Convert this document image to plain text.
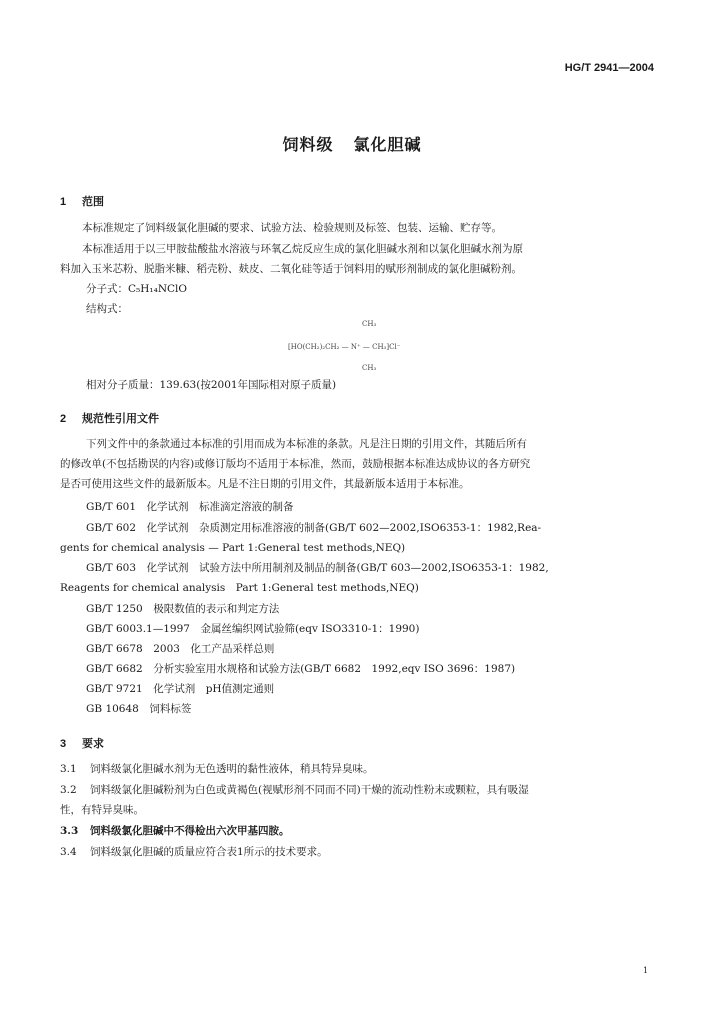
HG/T 2941—2004
饲料级 氯化胆碱
1 范围
本标准规定了饲料级氯化胆碱的要求、试验方法、检验规则及标签、包装、运输、贮存等。
本标准适用于以三甲胺盐酸盐水溶液与环氧乙烷反应生成的氯化胆碱水剂和以氯化胆碱水剂为原
料加入玉米芯粉、脱脂米糠、稻壳粉、麸皮、二氧化硅等适于饲料用的赋形剂制成的氯化胆碱粉剂。
分子式：C₅H₁₄NClO
结构式：
CH₃
[HO(CH₂)₂CH₂ — N⁺ — CH₃]Cl⁻
CH₃
相对分子质量：139.63(按2001年国际相对原子质量)
2 规范性引用文件
下列文件中的条款通过本标准的引用而成为本标准的条款。凡是注日期的引用文件，其随后所有
的修改单(不包括勘误的内容)或修订版均不适用于本标准，然而，鼓励根据本标准达成协议的各方研究
是否可使用这些文件的最新版本。凡是不注日期的引用文件，其最新版本适用于本标准。
GB/T 601　化学试剂　标准滴定溶液的制备
GB/T 602　化学试剂　杂质测定用标准溶液的制备(GB/T 602—2002,ISO6353-1：1982,Rea-
gents for chemical analysis — Part 1:General test methods,NEQ)
GB/T 603　化学试剂　试验方法中所用制剂及制品的制备(GB/T 603—2002,ISO6353-1：1982,
Reagents for chemical analysis　Part 1:General test methods,NEQ)
GB/T 1250　极限数值的表示和判定方法
GB/T 6003.1—1997　金属丝编织网试验筛(eqv ISO3310-1：1990)
GB/T 6678　2003　化工产品采样总则
GB/T 6682　分析实验室用水规格和试验方法(GB/T 6682　1992,eqv ISO 3696：1987)
GB/T 9721　化学试剂　pH值测定通则
GB 10648　饲料标签
3 要求
3.1 饲料级氯化胆碱水剂为无色透明的黏性液体，稍具特异臭味。
3.2 饲料级氯化胆碱粉剂为白色或黄褐色(视赋形剂不同而不同)干燥的流动性粉末或颗粒，具有吸湿
性，有特异臭味。
3.3 饲料级氯化胆碱中不得检出六次甲基四胺。
3.4 饲料级氯化胆碱的质量应符合表1所示的技术要求。
1
